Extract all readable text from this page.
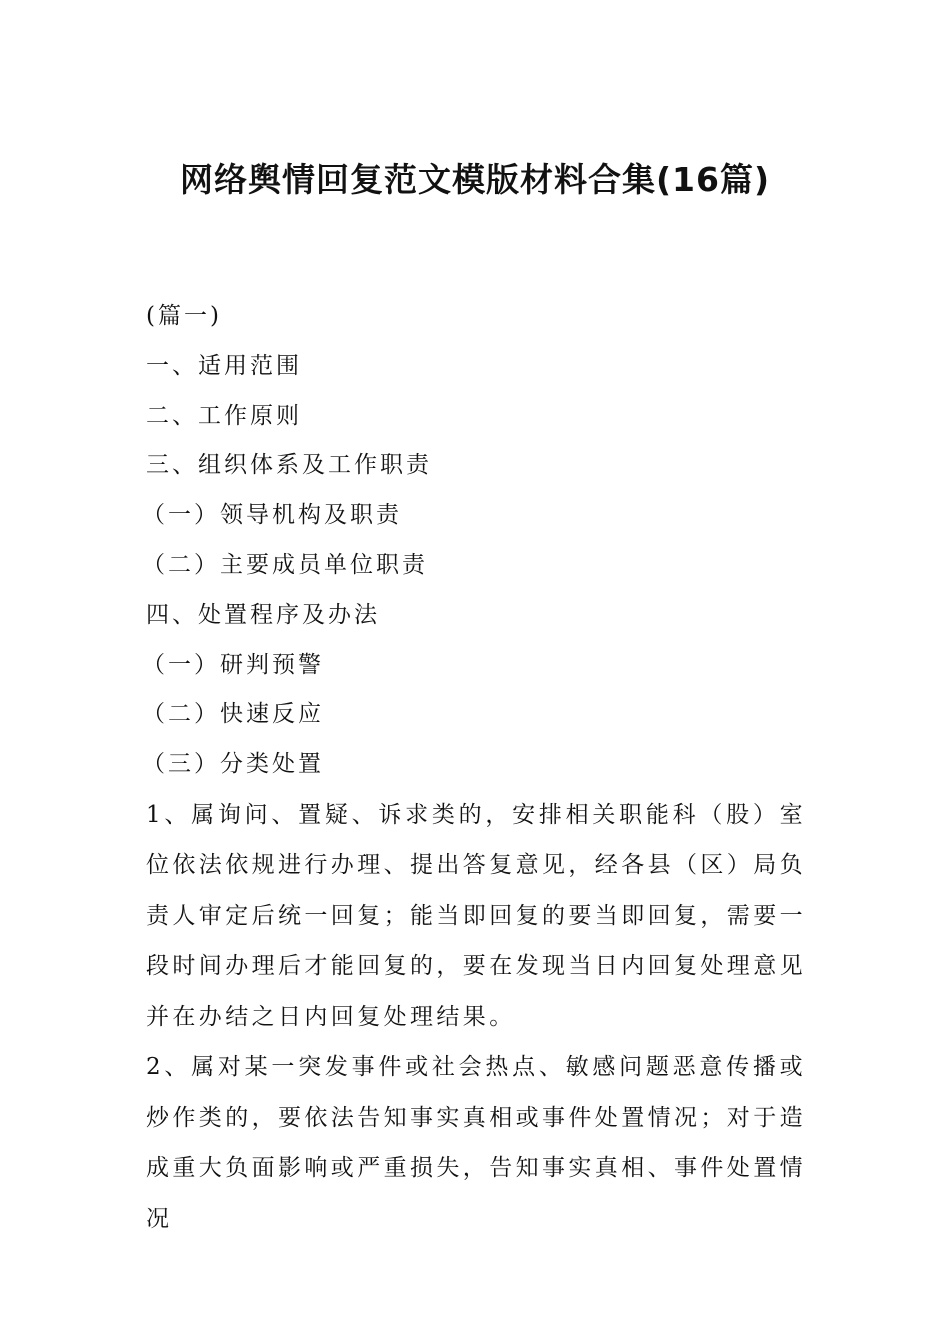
网络舆情回复范文模版材料合集(16篇)

(篇一)

一、适用范围

二、工作原则

三、组织体系及工作职责

（一）领导机构及职责

（二）主要成员单位职责

四、处置程序及办法

（一）研判预警

（二）快速反应

（三）分类处置

1、属询问、置疑、诉求类的，安排相关职能科（股）室位依法依规进行办理、提出答复意见，经各县（区）局负责人审定后统一回复；能当即回复的要当即回复，需要一段时间办理后才能回复的，要在发现当日内回复处理意见并在办结之日内回复处理结果。

2、属对某一突发事件或社会热点、敏感问题恶意传播或炒作类的，要依法告知事实真相或事件处置情况；对于造成重大负面影响或严重损失，告知事实真相、事件处置情况
